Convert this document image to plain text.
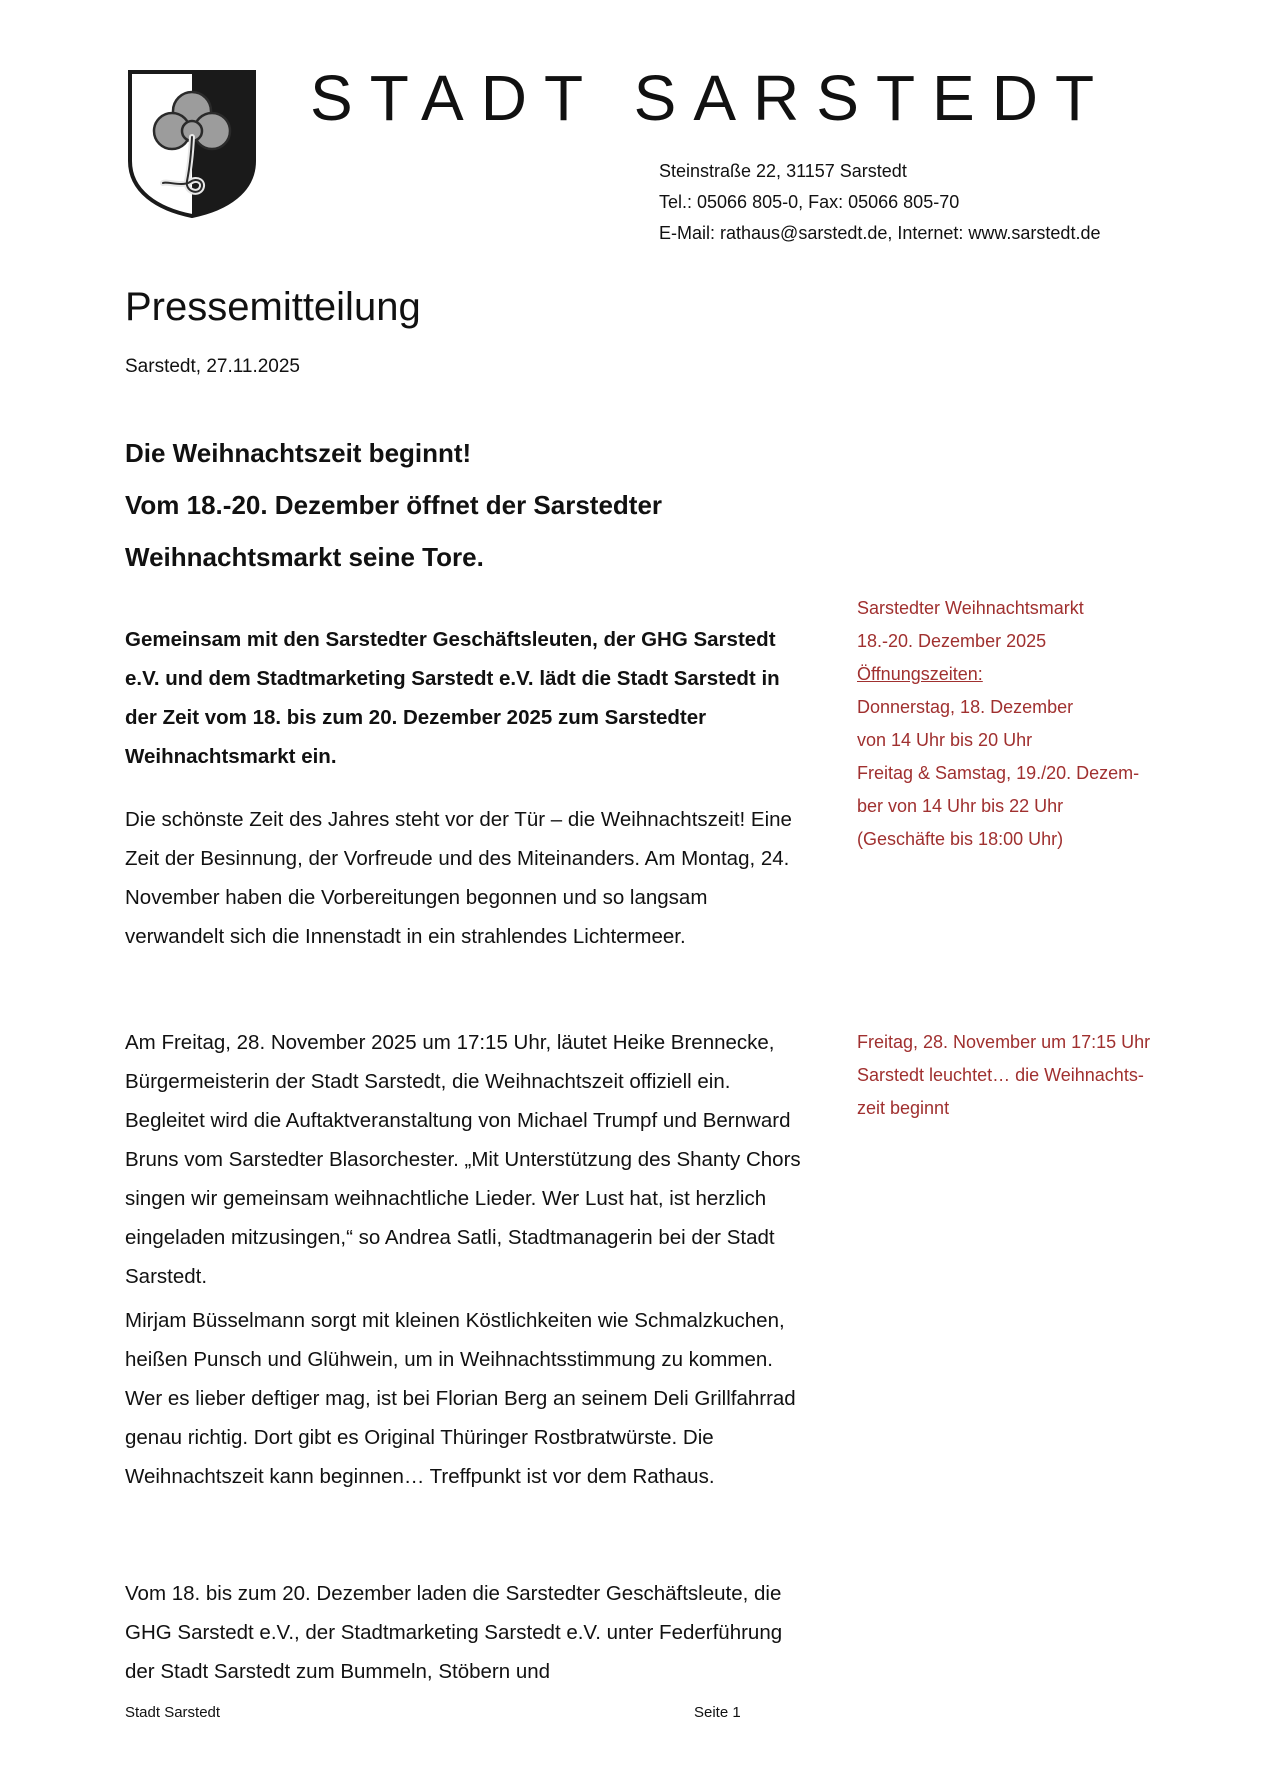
STADT SARSTEDT
Steinstraße 22, 31157 Sarstedt
Tel.: 05066 805-0, Fax: 05066 805-70
E-Mail: rathaus@sarstedt.de, Internet: www.sarstedt.de
Pressemitteilung
Sarstedt, 27.11.2025
Die Weihnachtszeit beginnt!
Vom 18.-20. Dezember öffnet der Sarstedter
Weihnachtsmarkt seine Tore.

Gemeinsam mit den Sarstedter Geschäftsleuten, der GHG Sarstedt e.V. und dem Stadtmarketing Sarstedt e.V. lädt die Stadt Sarstedt in der Zeit vom 18. bis zum 20. Dezember 2025 zum Sarstedter Weihnachtsmarkt ein.

Die schönste Zeit des Jahres steht vor der Tür – die Weihnachtszeit! Eine Zeit der Besinnung, der Vorfreude und des Miteinanders. Am Montag, 24. November haben die Vorbereitungen begonnen und so langsam verwandelt sich die Innenstadt in ein strahlendes Lichtermeer.

Am Freitag, 28. November 2025 um 17:15 Uhr, läutet Heike Brennecke, Bürgermeisterin der Stadt Sarstedt, die Weihnachtszeit offiziell ein. Begleitet wird die Auftaktveranstaltung von Michael Trumpf und Bernward Bruns vom Sarstedter Blasorchester. „Mit Unterstützung des Shanty Chors singen wir gemeinsam weihnachtliche Lieder. Wer Lust hat, ist herzlich eingeladen mitzusingen,“ so Andrea Satli, Stadtmanagerin bei der Stadt Sarstedt.

Mirjam Büsselmann sorgt mit kleinen Köstlichkeiten wie Schmalzkuchen, heißen Punsch und Glühwein, um in Weihnachtsstimmung zu kommen. Wer es lieber deftiger mag, ist bei Florian Berg an seinem Deli Grillfahrrad genau richtig. Dort gibt es Original Thüringer Rostbratwürste. Die Weihnachtszeit kann beginnen… Treffpunkt ist vor dem Rathaus.

Vom 18. bis zum 20. Dezember laden die Sarstedter Geschäftsleute, die GHG Sarstedt e.V., der Stadtmarketing Sarstedt e.V. unter Federführung der Stadt Sarstedt zum Bummeln, Stöbern und

Sarstedter Weihnachtsmarkt
18.-20. Dezember 2025
Öffnungszeiten:
Donnerstag, 18. Dezember
von 14 Uhr bis 20 Uhr
Freitag & Samstag, 19./20. Dezem-
ber von 14 Uhr bis 22 Uhr
(Geschäfte bis 18:00 Uhr)
Freitag, 28. November um 17:15 Uhr
Sarstedt leuchtet… die Weihnachts-
zeit beginnt
Stadt Sarstedt	Seite 1
